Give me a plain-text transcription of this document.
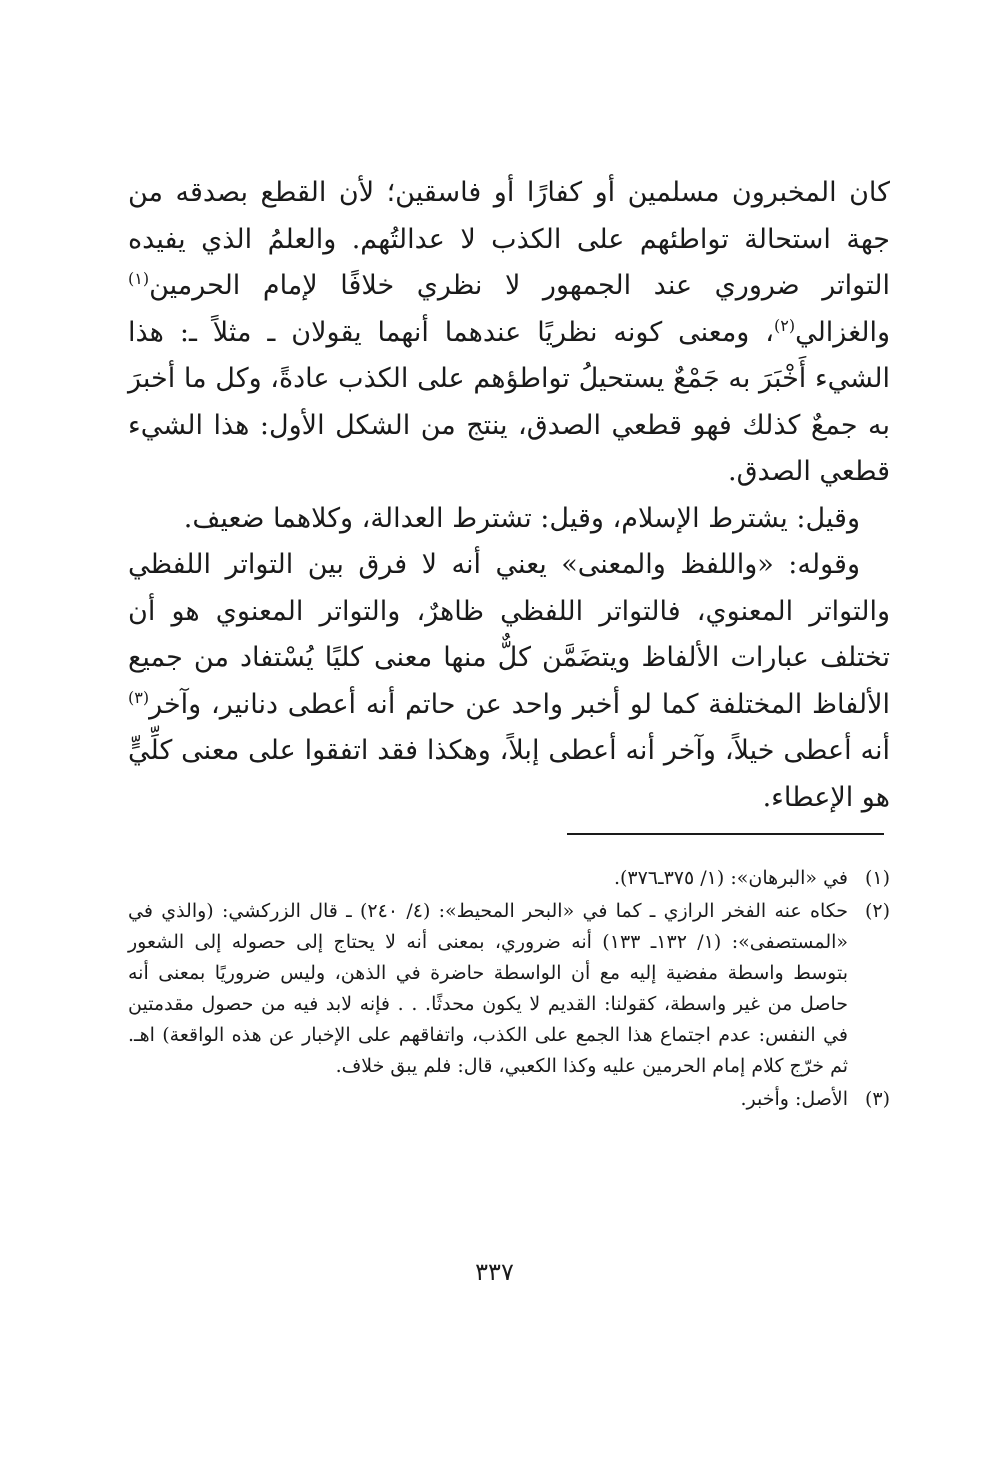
كان المخبرون مسلمين أو كفارًا أو فاسقين؛ لأن القطع بصدقه من جهة استحالة تواطئهم على الكذب لا عدالتُهم. والعلمُ الذي يفيده التواتر ضروري عند الجمهور لا نظري خلافًا لإمام الحرمين$^{(١)}$ والغزالي$^{(٢)}$، ومعنى كونه نظريًا عندهما أنهما يقولان ـ مثلاً ـ: هذا الشيء أَخْبَرَ به جَمْعٌ يستحيلُ تواطؤهم على الكذب عادةً، وكل ما أخبرَ به جمعٌ كذلك فهو قطعي الصدق، ينتج من الشكل الأول: هذا الشيء قطعي الصدق.

وقيل: يشترط الإسلام، وقيل: تشترط العدالة، وكلاهما ضعيف.

وقوله: «واللفظ والمعنى» يعني أنه لا فرق بين التواتر اللفظي والتواتر المعنوي، فالتواتر اللفظي ظاهرٌ، والتواتر المعنوي هو أن تختلف عبارات الألفاظ ويتضَمَّن كلٌّ منها معنى كليًا يُسْتفاد من جميع الألفاظ المختلفة كما لو أخبر واحد عن حاتم أنه أعطى دنانير، وآخر$^{(٣)}$ أنه أعطى خيلاً، وآخر أنه أعطى إبلاً، وهكذا فقد اتفقوا على معنى كلِّيٍّ هو الإعطاء.

(١)
في «البرهان»: (١/ ٣٧٥ـ٣٧٦).
(٢)
حكاه عنه الفخر الرازي ـ كما في «البحر المحيط»: (٤/ ٢٤٠) ـ قال الزركشي: (والذي في «المستصفى»: (١/ ١٣٢ـ ١٣٣) أنه ضروري، بمعنى أنه لا يحتاج إلى حصوله إلى الشعور بتوسط واسطة مفضية إليه مع أن الواسطة حاضرة في الذهن، وليس ضروريًا بمعنى أنه حاصل من غير واسطة، كقولنا: القديم لا يكون محدثًا. . . فإنه لابد فيه من حصول مقدمتين في النفس: عدم اجتماع هذا الجمع على الكذب، واتفاقهم على الإخبار عن هذه الواقعة) اهـ. ثم خرّج كلام إمام الحرمين عليه وكذا الكعبي، قال: فلم يبق خلاف.
(٣)
الأصل: وأخبر.
٣٣٧
